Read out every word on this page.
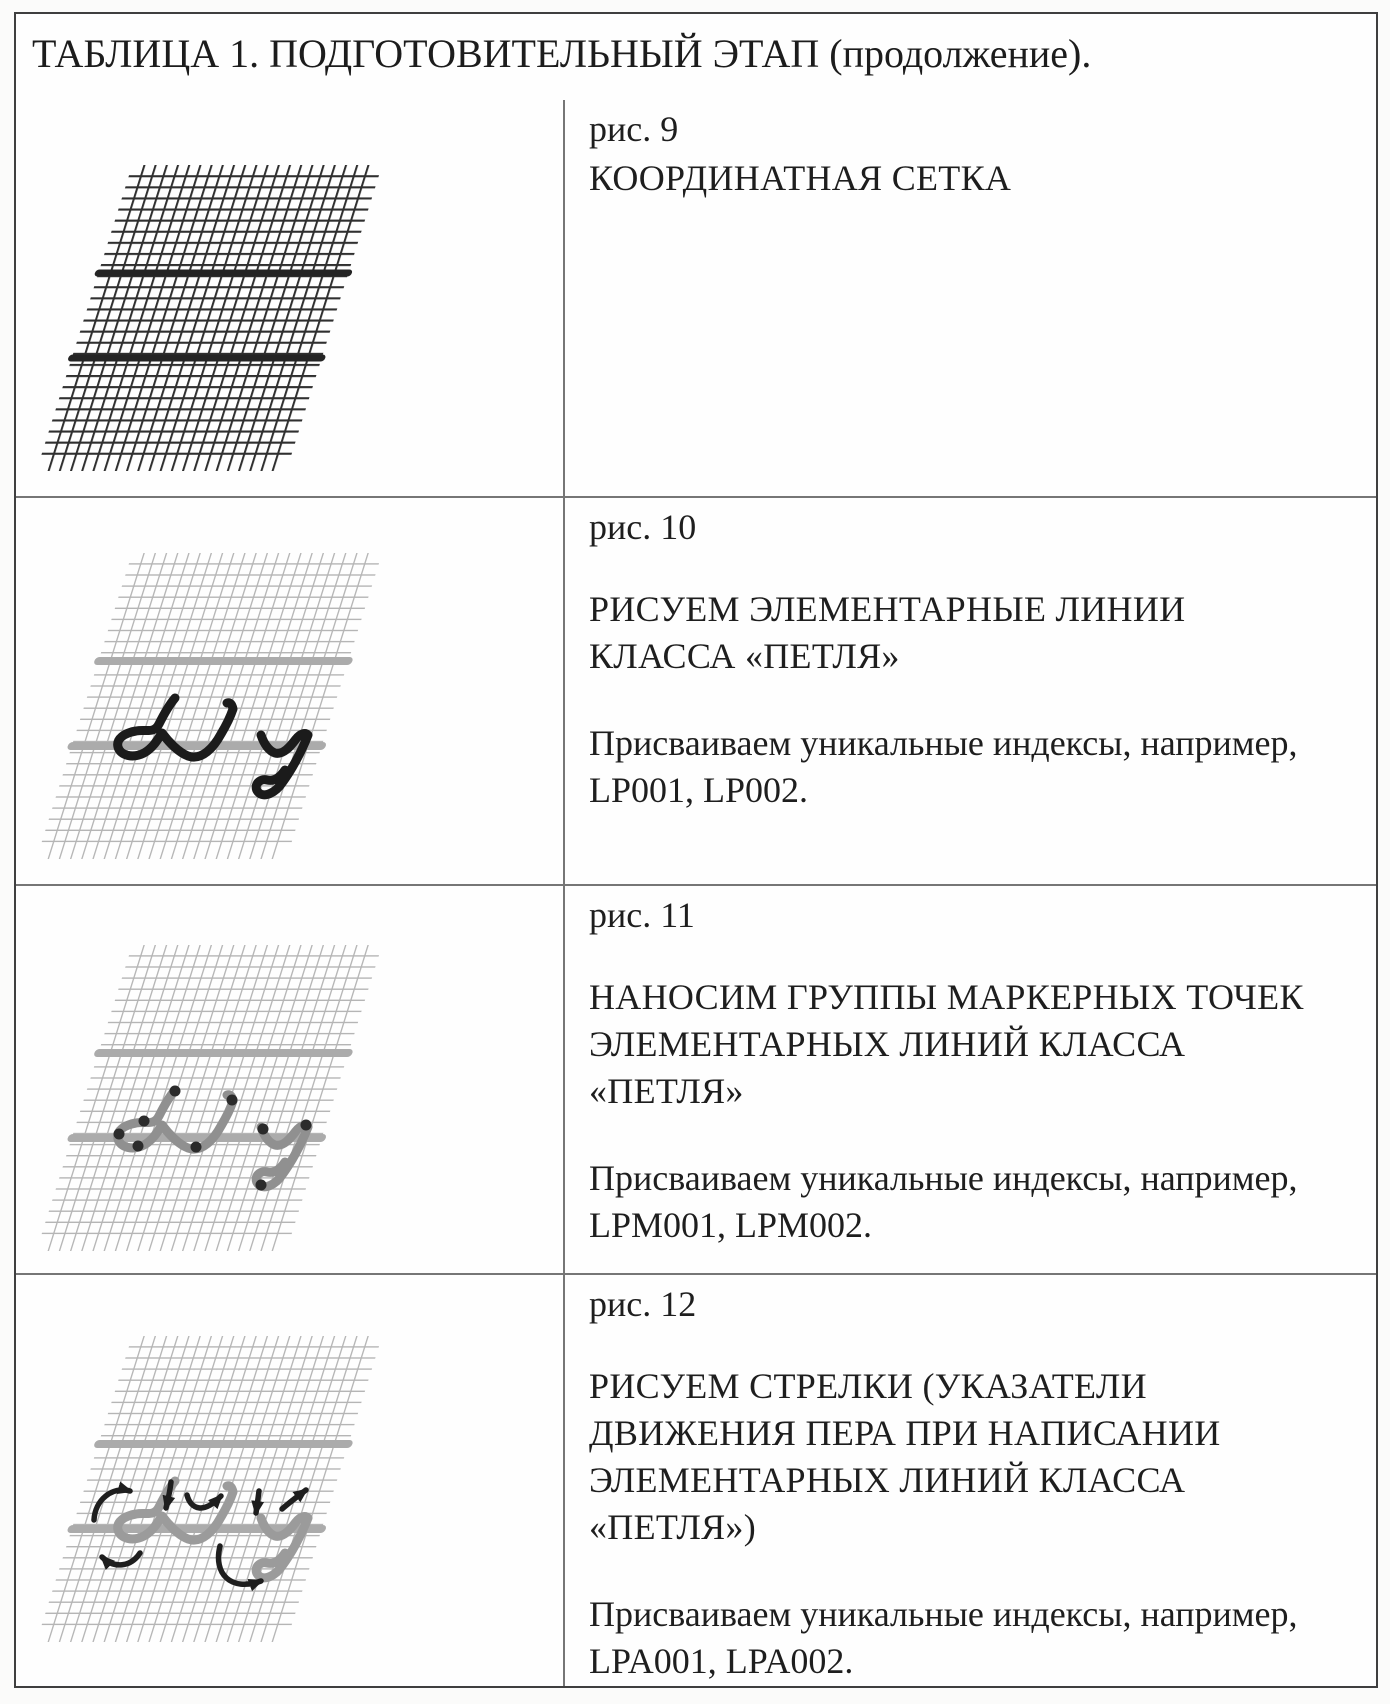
ТАБЛИЦА 1. ПОДГОТОВИТЕЛЬНЫЙ ЭТАП (продолжение).
рис. 9
КООРДИНАТНАЯ СЕТКА
рис. 10
РИСУЕМ ЭЛЕМЕНТАРНЫЕ ЛИНИИ
КЛАССА «ПЕТЛЯ»
Присваиваем уникальные индексы, например,
LP001, LP002.
рис. 11
НАНОСИМ ГРУППЫ МАРКЕРНЫХ ТОЧЕК
ЭЛЕМЕНТАРНЫХ ЛИНИЙ КЛАССА
«ПЕТЛЯ»
Присваиваем уникальные индексы, например,
LPM001, LPM002.
рис. 12
РИСУЕМ СТРЕЛКИ (УКАЗАТЕЛИ
ДВИЖЕНИЯ ПЕРА ПРИ НАПИСАНИИ
ЭЛЕМЕНТАРНЫХ ЛИНИЙ КЛАССА
«ПЕТЛЯ»)
Присваиваем уникальные индексы, например,
LPA001, LPA002.
